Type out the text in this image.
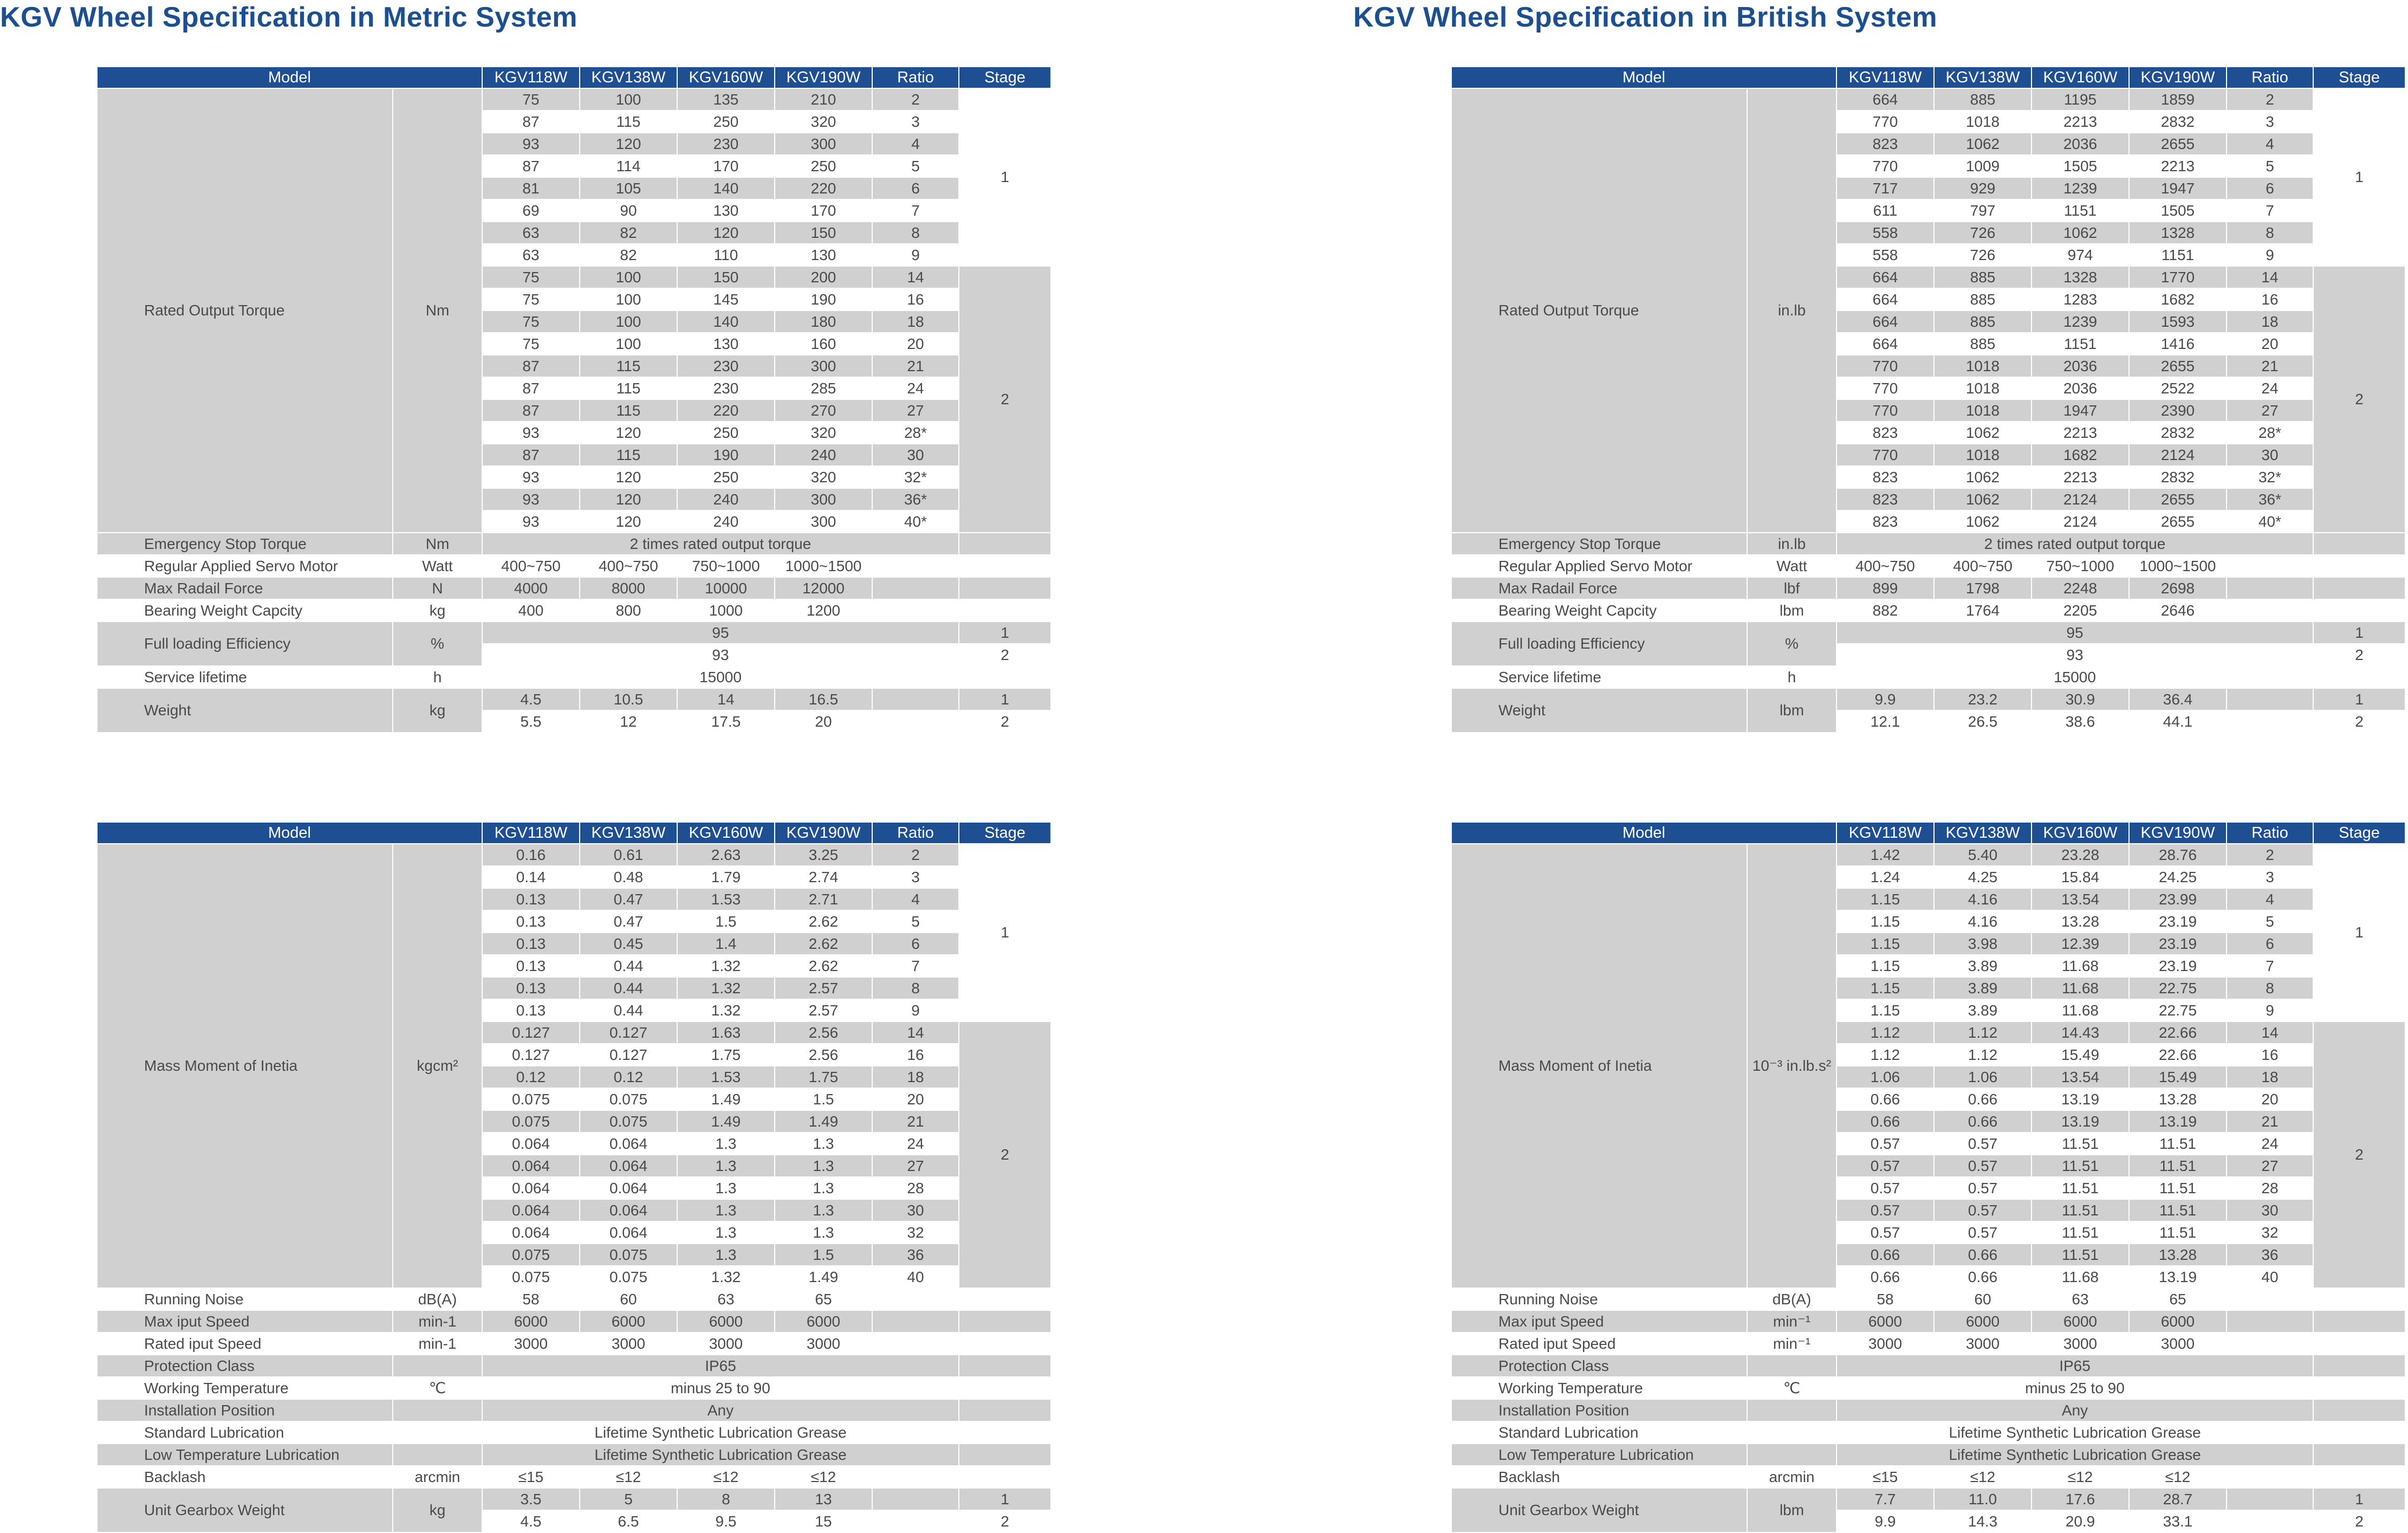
KGV Wheel Specification in Metric System	KGV Wheel Specification in British System
Model		KGV118W	KGV138W	KGV160W	KGV190W	Ratio	Stage
Rated Output Torque	Nm	75	100	135	210	2	1
		87	115	250	320	3	
		93	120	230	300	4	
		87	114	170	250	5	
		81	105	140	220	6	
		69	90	130	170	7	
		63	82	120	150	8	
		63	82	110	130	9	
		75	100	150	200	14	2
		75	100	145	190	16	
		75	100	140	180	18	
		75	100	130	160	20	
		87	115	230	300	21	
		87	115	230	285	24	
		87	115	220	270	27	
		93	120	250	320	28*	
		87	115	190	240	30	
		93	120	250	320	32*	
		93	120	240	300	36*	
		93	120	240	300	40*	
Emergency Stop Torque	Nm	2 times rated output torque					
Regular Applied Servo Motor	Watt	400~750	400~750	750~1000	1000~1500		
Max Radail Force	N	4000	8000	10000	12000		
Bearing Weight Capcity	kg	400	800	1000	1200		
Full loading Efficiency	%	95					1
		93					2
Service lifetime	h	15000					
Weight	kg	4.5	10.5	14	16.5		1
		5.5	12	17.5	20		2
Model		KGV118W	KGV138W	KGV160W	KGV190W	Ratio	Stage
Rated Output Torque	in.lb	664	885	1195	1859	2	1
		770	1018	2213	2832	3	
		823	1062	2036	2655	4	
		770	1009	1505	2213	5	
		717	929	1239	1947	6	
		611	797	1151	1505	7	
		558	726	1062	1328	8	
		558	726	974	1151	9	
		664	885	1328	1770	14	2
		664	885	1283	1682	16	
		664	885	1239	1593	18	
		664	885	1151	1416	20	
		770	1018	2036	2655	21	
		770	1018	2036	2522	24	
		770	1018	1947	2390	27	
		823	1062	2213	2832	28*	
		770	1018	1682	2124	30	
		823	1062	2213	2832	32*	
		823	1062	2124	2655	36*	
		823	1062	2124	2655	40*	
Emergency Stop Torque	in.lb	2 times rated output torque					
Regular Applied Servo Motor	Watt	400~750	400~750	750~1000	1000~1500		
Max Radail Force	lbf	899	1798	2248	2698		
Bearing Weight Capcity	lbm	882	1764	2205	2646		
Full loading Efficiency	%	95					1
		93					2
Service lifetime	h	15000					
Weight	lbm	9.9	23.2	30.9	36.4		1
		12.1	26.5	38.6	44.1		2
Model		KGV118W	KGV138W	KGV160W	KGV190W	Ratio	Stage
Mass Moment of Inetia	kgcm²	0.16	0.61	2.63	3.25	2	1
		0.14	0.48	1.79	2.74	3	
		0.13	0.47	1.53	2.71	4	
		0.13	0.47	1.5	2.62	5	
		0.13	0.45	1.4	2.62	6	
		0.13	0.44	1.32	2.62	7	
		0.13	0.44	1.32	2.57	8	
		0.13	0.44	1.32	2.57	9	
		0.127	0.127	1.63	2.56	14	2
		0.127	0.127	1.75	2.56	16	
		0.12	0.12	1.53	1.75	18	
		0.075	0.075	1.49	1.5	20	
		0.075	0.075	1.49	1.49	21	
		0.064	0.064	1.3	1.3	24	
		0.064	0.064	1.3	1.3	27	
		0.064	0.064	1.3	1.3	28	
		0.064	0.064	1.3	1.3	30	
		0.064	0.064	1.3	1.3	32	
		0.075	0.075	1.3	1.5	36	
		0.075	0.075	1.32	1.49	40	
Running Noise	dB(A)	58	60	63	65		
Max iput Speed	min-1	6000	6000	6000	6000		
Rated iput Speed	min-1	3000	3000	3000	3000		
Protection Class		IP65					
Working Temperature	℃	minus 25 to 90					
Installation Position		Any					
Standard Lubrication		Lifetime Synthetic Lubrication Grease					
Low Temperature Lubrication		Lifetime Synthetic Lubrication Grease					
Backlash	arcmin	≤15	≤12	≤12	≤12		
Unit Gearbox Weight	kg	3.5	5	8	13		1
		4.5	6.5	9.5	15		2
Model		KGV118W	KGV138W	KGV160W	KGV190W	Ratio	Stage
Mass Moment of Inetia	10⁻³ in.lb.s²	1.42	5.40	23.28	28.76	2	1
		1.24	4.25	15.84	24.25	3	
		1.15	4.16	13.54	23.99	4	
		1.15	4.16	13.28	23.19	5	
		1.15	3.98	12.39	23.19	6	
		1.15	3.89	11.68	23.19	7	
		1.15	3.89	11.68	22.75	8	
		1.15	3.89	11.68	22.75	9	
		1.12	1.12	14.43	22.66	14	2
		1.12	1.12	15.49	22.66	16	
		1.06	1.06	13.54	15.49	18	
		0.66	0.66	13.19	13.28	20	
		0.66	0.66	13.19	13.19	21	
		0.57	0.57	11.51	11.51	24	
		0.57	0.57	11.51	11.51	27	
		0.57	0.57	11.51	11.51	28	
		0.57	0.57	11.51	11.51	30	
		0.57	0.57	11.51	11.51	32	
		0.66	0.66	11.51	13.28	36	
		0.66	0.66	11.68	13.19	40	
Running Noise	dB(A)	58	60	63	65		
Max iput Speed	min⁻¹	6000	6000	6000	6000		
Rated iput Speed	min⁻¹	3000	3000	3000	3000		
Protection Class		IP65					
Working Temperature	℃	minus 25 to 90					
Installation Position		Any					
Standard Lubrication		Lifetime Synthetic Lubrication Grease					
Low Temperature Lubrication		Lifetime Synthetic Lubrication Grease					
Backlash	arcmin	≤15	≤12	≤12	≤12		
Unit Gearbox Weight	lbm	7.7	11.0	17.6	28.7		1
		9.9	14.3	20.9	33.1		2
